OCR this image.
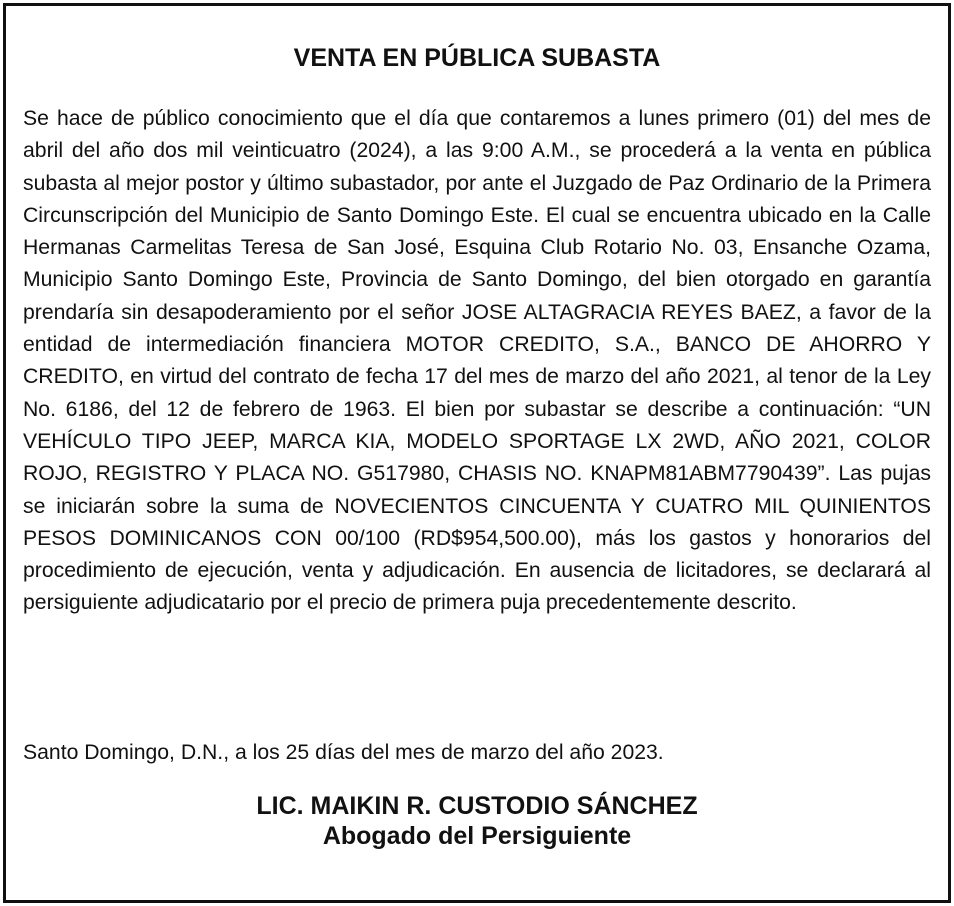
VENTA EN PÚBLICA SUBASTA

Se hace de público conocimiento que el día que contaremos a lunes primero (01) del mes de abril del año dos mil veinticuatro (2024), a las 9:00 A.M., se procederá a la venta en pública subasta al mejor postor y último subastador, por ante el Juzgado de Paz Ordinario de la Primera Circunscripción del Municipio de Santo Domingo Este. El cual se encuentra ubicado en la Calle Hermanas Carmelitas Teresa de San José, Esquina Club Rotario No. 03, Ensanche Ozama, Municipio Santo Domingo Este, Provincia de Santo Domingo, del bien otorgado en garantía prendaría sin desapoderamiento por el señor JOSE ALTAGRACIA REYES BAEZ, a favor de la entidad de intermediación financiera MOTOR CREDITO, S.A., BANCO DE AHORRO Y CREDITO, en virtud del contrato de fecha 17 del mes de marzo del año 2021, al tenor de la Ley No. 6186, del 12 de febrero de 1963. El bien por subastar se describe a continuación: “UN VEHÍCULO TIPO JEEP, MARCA KIA, MODELO SPORTAGE LX 2WD, AÑO 2021, COLOR ROJO, REGISTRO Y PLACA NO. G517980, CHASIS NO. KNAPM81ABM7790439”. Las pujas se iniciarán sobre la suma de NOVECIENTOS CINCUENTA Y CUATRO MIL QUINIENTOS PESOS DOMINICANOS CON 00/100 (RD$954,500.00), más los gastos y honorarios del procedimiento de ejecución, venta y adjudicación. En ausencia de licitadores, se declarará al persiguiente adjudicatario por el precio de primera puja precedentemente descrito.

Santo Domingo, D.N., a los 25 días del mes de marzo del año 2023.

LIC. MAIKIN R. CUSTODIO SÁNCHEZ

Abogado del Persiguiente
